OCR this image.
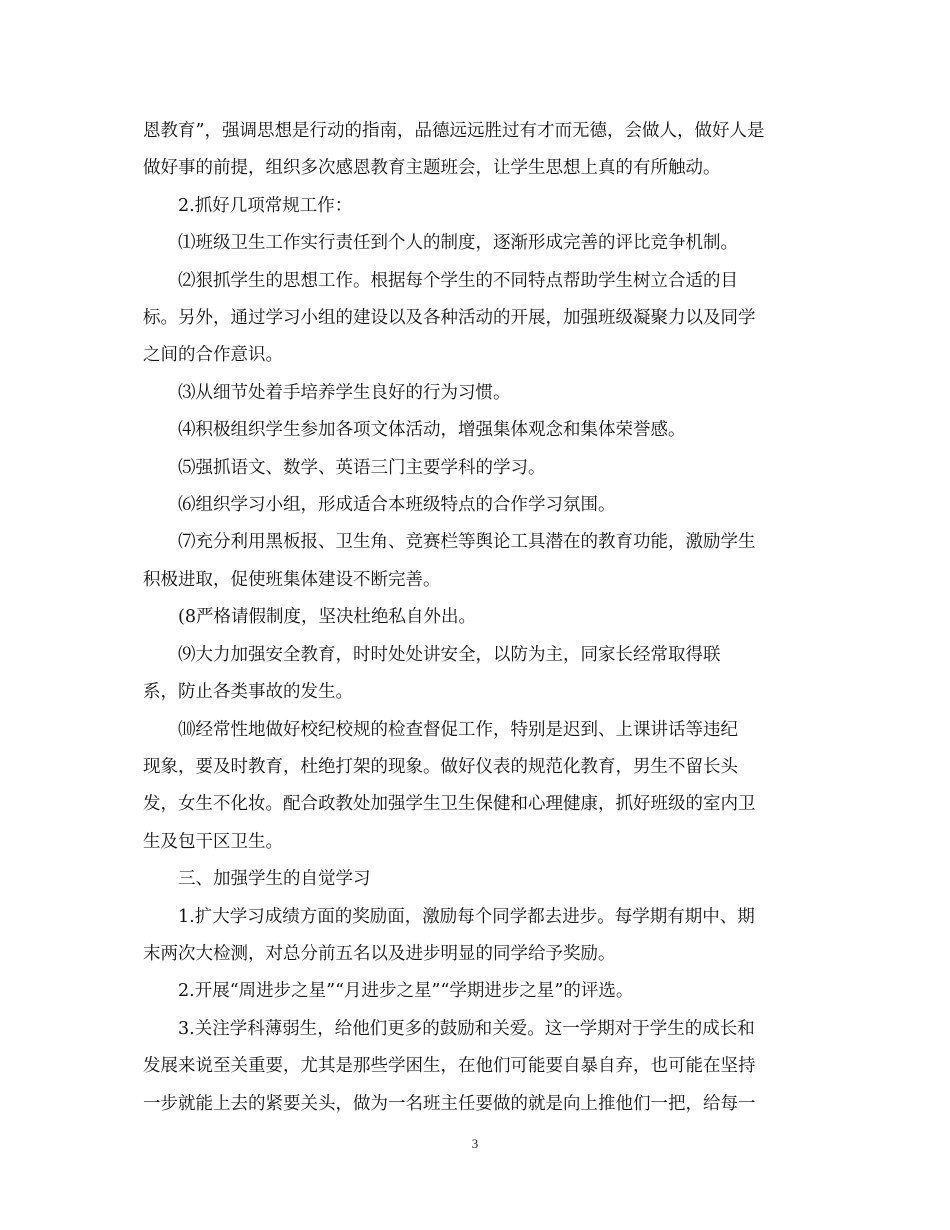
恩教育”，强调思想是行动的指南，品德远远胜过有才而无德，会做人，做好人是

做好事的前提，组织多次感恩教育主题班会，让学生思想上真的有所触动。

2.抓好几项常规工作：

⑴班级卫生工作实行责任到个人的制度，逐渐形成完善的评比竞争机制。

⑵狠抓学生的思想工作。根据每个学生的不同特点帮助学生树立合适的目

标。另外，通过学习小组的建设以及各种活动的开展，加强班级凝聚力以及同学

之间的合作意识。

⑶从细节处着手培养学生良好的行为习惯。

⑷积极组织学生参加各项文体活动，增强集体观念和集体荣誉感。

⑸强抓语文、数学、英语三门主要学科的学习。

⑹组织学习小组，形成适合本班级特点的合作学习氛围。

⑺充分利用黑板报、卫生角、竞赛栏等舆论工具潜在的教育功能，激励学生

积极进取，促使班集体建设不断完善。

(8严格请假制度，坚决杜绝私自外出。

⑼大力加强安全教育，时时处处讲安全，以防为主，同家长经常取得联

系，防止各类事故的发生。

⑽经常性地做好校纪校规的检查督促工作，特别是迟到、上课讲话等违纪

现象，要及时教育，杜绝打架的现象。做好仪表的规范化教育，男生不留长头

发，女生不化妆。配合政教处加强学生卫生保健和心理健康，抓好班级的室内卫

生及包干区卫生。

三、加强学生的自觉学习

1.扩大学习成绩方面的奖励面，激励每个同学都去进步。每学期有期中、期

末两次大检测，对总分前五名以及进步明显的同学给予奖励。

2.开展“周进步之星”“月进步之星”“学期进步之星”的评选。

3.关注学科薄弱生，给他们更多的鼓励和关爱。这一学期对于学生的成长和

发展来说至关重要，尤其是那些学困生，在他们可能要自暴自弃，也可能在坚持

一步就能上去的紧要关头，做为一名班主任要做的就是向上推他们一把，给每一

3
